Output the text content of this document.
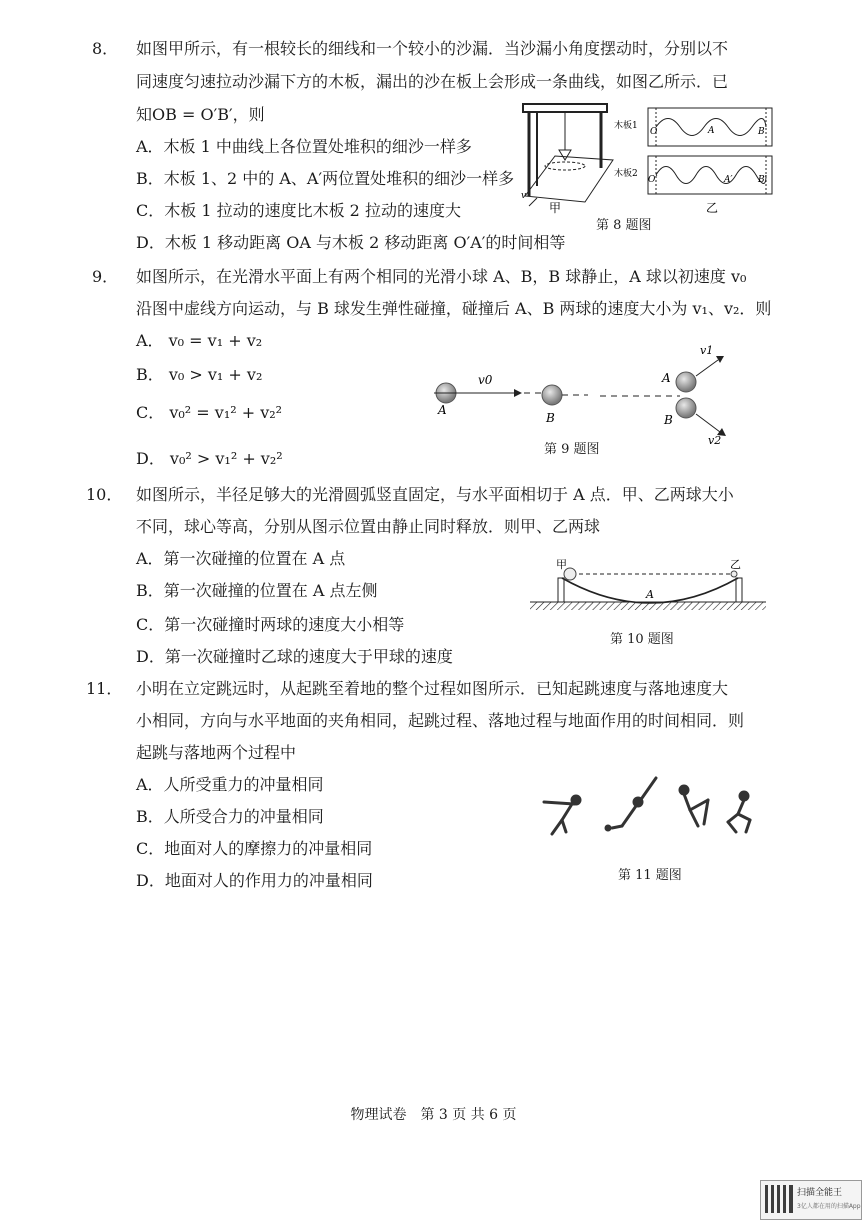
8． 如图甲所示，有一根较长的细线和一个较小的沙漏．当沙漏小角度摆动时，分别以不
同速度匀速拉动沙漏下方的木板，漏出的沙在板上会形成一条曲线，如图乙所示．已
知OB = O′B′，则
A．木板 1 中曲线上各位置处堆积的细沙一样多
B．木板 1、2 中的 A、A′两位置处堆积的细沙一样多
C．木板 1 拉动的速度比木板 2 拉动的速度大
D．木板 1 移动距离 OA 与木板 2 移动距离 O′A′的时间相等
v
甲
木板1
O	A	B
木板2
O′	A′	B′
乙
第 8 题图
9． 如图所示，在光滑水平面上有两个相同的光滑小球 A、B，B 球静止，A 球以初速度 v₀
沿图中虚线方向运动，与 B 球发生弹性碰撞，碰撞后 A、B 两球的速度大小为 v₁、v₂．则
A． v₀ = v₁ + v₂
B． v₀ > v₁ + v₂
C． v₀² = v₁² + v₂²
D． v₀² > v₁² + v₂²
v0
A
B
v1
v2
A
B
第 9 题图
10． 如图所示，半径足够大的光滑圆弧竖直固定，与水平面相切于 A 点．甲、乙两球大小
不同，球心等高，分别从图示位置由静止同时释放．则甲、乙两球
A．第一次碰撞的位置在 A 点
B．第一次碰撞的位置在 A 点左侧
C．第一次碰撞时两球的速度大小相等
D．第一次碰撞时乙球的速度大于甲球的速度
甲	乙
A
第 10 题图
11． 小明在立定跳远时，从起跳至着地的整个过程如图所示．已知起跳速度与落地速度大
小相同，方向与水平地面的夹角相同，起跳过程、落地过程与地面作用的时间相同．则
起跳与落地两个过程中
A．人所受重力的冲量相同
B．人所受合力的冲量相同
C．地面对人的摩擦力的冲量相同
D．地面对人的作用力的冲量相同	第 11 题图
物理试卷　第 3 页 共 6 页
扫描全能王
3亿人都在用的扫描App
